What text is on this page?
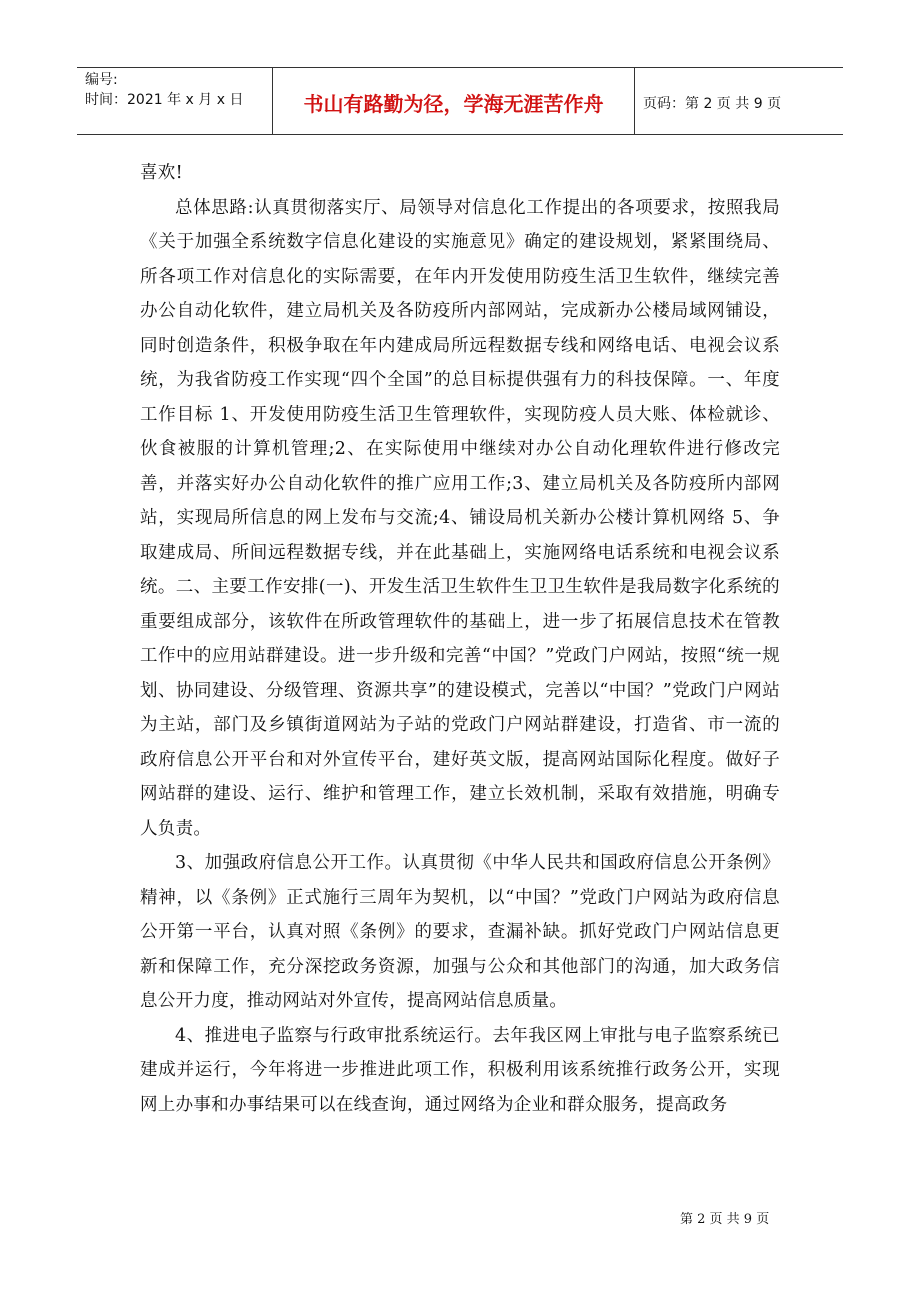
编号:
时间：2021 年 x 月 x 日	书山有路勤为径，学海无涯苦作舟	页码：第 2 页 共 9 页

喜欢!

总体思路:认真贯彻落实厅、局领导对信息化工作提出的各项要求，按照我局《关于加强全系统数字信息化建设的实施意见》确定的建设规划，紧紧围绕局、所各项工作对信息化的实际需要，在年内开发使用防疫生活卫生软件，继续完善办公自动化软件，建立局机关及各防疫所内部网站，完成新办公楼局域网铺设，同时创造条件，积极争取在年内建成局所远程数据专线和网络电话、电视会议系统，为我省防疫工作实现“四个全国”的总目标提供强有力的科技保障。一、年度工作目标 1、开发使用防疫生活卫生管理软件，实现防疫人员大账、体检就诊、伙食被服的计算机管理;2、在实际使用中继续对办公自动化理软件进行修改完善，并落实好办公自动化软件的推广应用工作;3、建立局机关及各防疫所内部网站，实现局所信息的网上发布与交流;4、铺设局机关新办公楼计算机网络 5、争取建成局、所间远程数据专线，并在此基础上，实施网络电话系统和电视会议系统。二、主要工作安排(一)、开发生活卫生软件生卫卫生软件是我局数字化系统的重要组成部分，该软件在所政管理软件的基础上，进一步了拓展信息技术在管教工作中的应用站群建设。进一步升级和完善“中国？”党政门户网站，按照“统一规划、协同建设、分级管理、资源共享”的建设模式，完善以“中国？”党政门户网站为主站，部门及乡镇街道网站为子站的党政门户网站群建设，打造省、市一流的政府信息公开平台和对外宣传平台，建好英文版，提高网站国际化程度。做好子网站群的建设、运行、维护和管理工作，建立长效机制，采取有效措施，明确专人负责。

3、加强政府信息公开工作。认真贯彻《中华人民共和国政府信息公开条例》精神，以《条例》正式施行三周年为契机，以“中国？”党政门户网站为政府信息公开第一平台，认真对照《条例》的要求，查漏补缺。抓好党政门户网站信息更新和保障工作，充分深挖政务资源，加强与公众和其他部门的沟通，加大政务信息公开力度，推动网站对外宣传，提高网站信息质量。

4、推进电子监察与行政审批系统运行。去年我区网上审批与电子监察系统已建成并运行，今年将进一步推进此项工作，积极利用该系统推行政务公开，实现网上办事和办事结果可以在线查询，通过网络为企业和群众服务，提高政务

第 2 页 共 9 页
